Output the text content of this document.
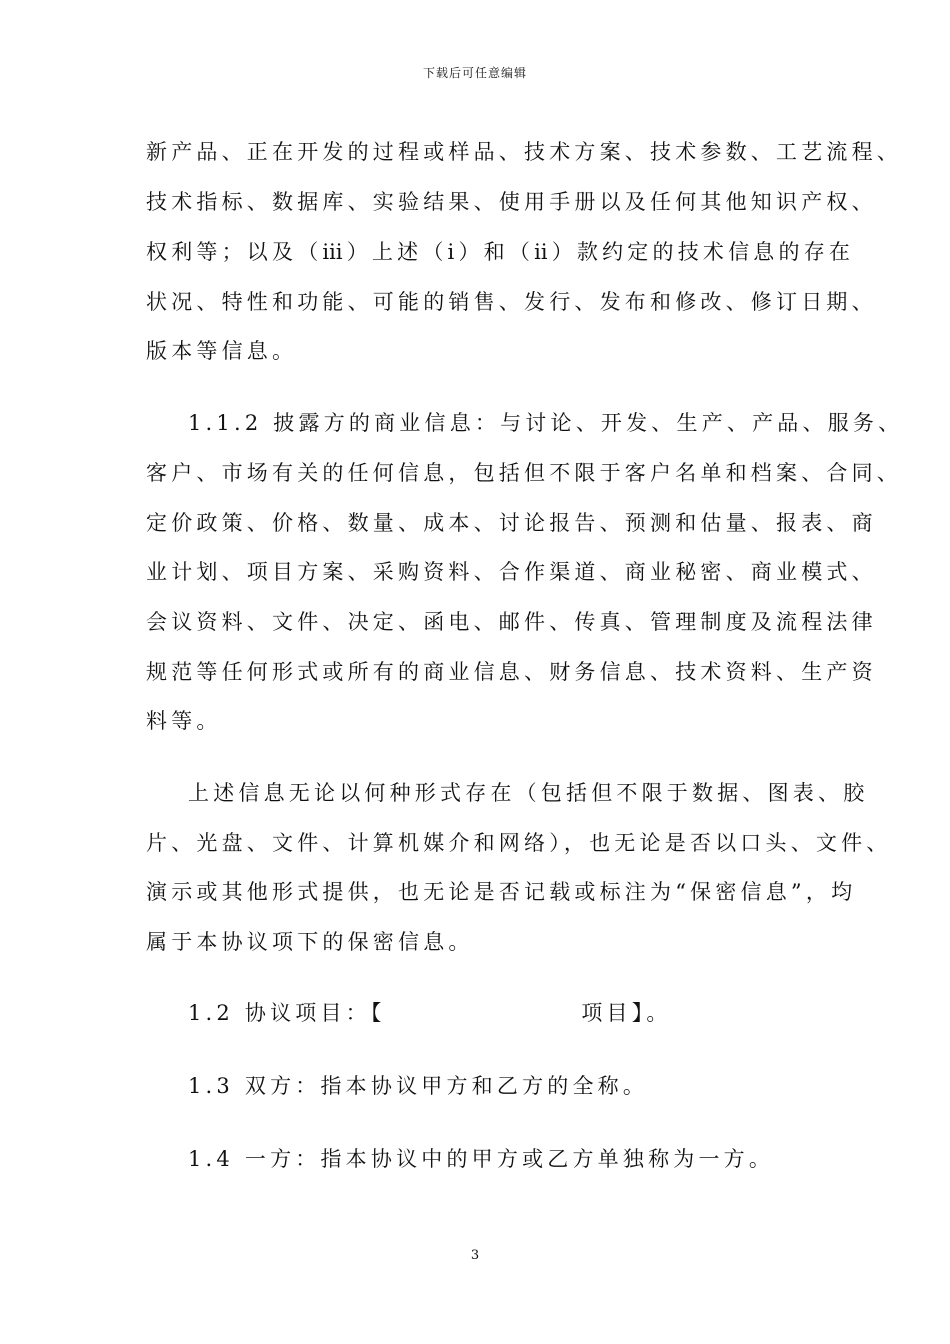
下载后可任意编辑
新产品、正在开发的过程或样品、技术方案、技术参数、工艺流程、
技术指标、数据库、实验结果、使用手册以及任何其他知识产权、
权利等；以及（ⅲ）上述（ⅰ）和（ⅱ）款约定的技术信息的存在
状况、特性和功能、可能的销售、发行、发布和修改、修订日期、
版本等信息。
1.1.2 披露方的商业信息：与讨论、开发、生产、产品、服务、
客户、市场有关的任何信息，包括但不限于客户名单和档案、合同、
定价政策、价格、数量、成本、讨论报告、预测和估量、报表、商
业计划、项目方案、采购资料、合作渠道、商业秘密、商业模式、
会议资料、文件、决定、函电、邮件、传真、管理制度及流程法律
规范等任何形式或所有的商业信息、财务信息、技术资料、生产资
料等。
上述信息无论以何种形式存在（包括但不限于数据、图表、胶
片、光盘、文件、计算机媒介和网络），也无论是否以口头、文件、
演示或其他形式提供，也无论是否记载或标注为“保密信息”，均
属于本协议项下的保密信息。
1.2 协议项目：【                  项目】。
1.3 双方：指本协议甲方和乙方的全称。
1.4 一方：指本协议中的甲方或乙方单独称为一方。
3
